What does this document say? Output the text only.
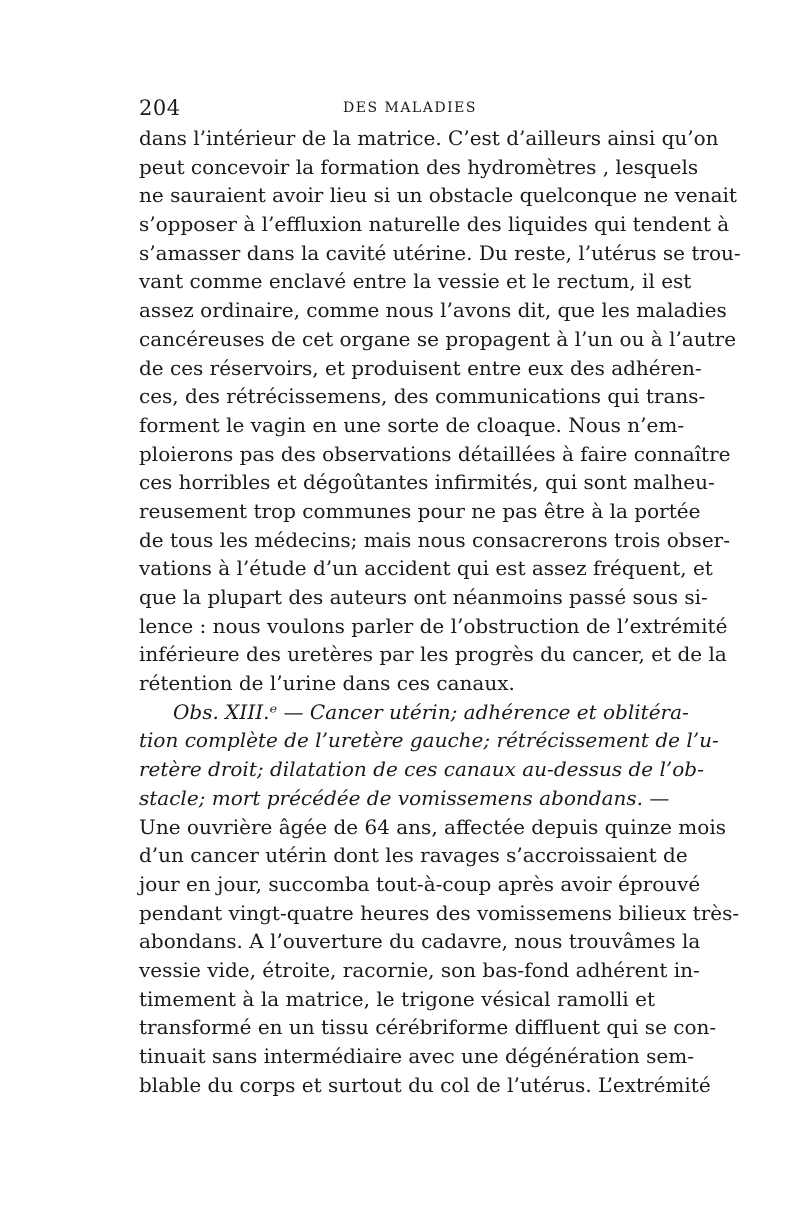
204	DES MALADIES
dans l’intérieur de la matrice. C’est d’ailleurs ainsi qu’on
peut concevoir la formation des hydromètres , lesquels
ne sauraient avoir lieu si un obstacle quelconque ne venait
s’opposer à l’effluxion naturelle des liquides qui tendent à
s’amasser dans la cavité utérine. Du reste, l’utérus se trou-
vant comme enclavé entre la vessie et le rectum, il est
assez ordinaire, comme nous l’avons dit, que les maladies
cancéreuses de cet organe se propagent à l’un ou à l’autre
de ces réservoirs, et produisent entre eux des adhéren-
ces, des rétrécissemens, des communications qui trans-
forment le vagin en une sorte de cloaque. Nous n’em-
ploierons pas des observations détaillées à faire connaître
ces horribles et dégoûtantes infirmités, qui sont malheu-
reusement trop communes pour ne pas être à la portée
de tous les médecins; mais nous consacrerons trois obser-
vations à l’étude d’un accident qui est assez fréquent, et
que la plupart des auteurs ont néanmoins passé sous si-
lence : nous voulons parler de l’obstruction de l’extrémité
inférieure des uretères par les progrès du cancer, et de la
rétention de l’urine dans ces canaux.
Obs. XIII.ᵉ — Cancer utérin; adhérence et oblitéra-
tion complète de l’uretère gauche; rétrécissement de l’u-
retère droit; dilatation de ces canaux au-dessus de l’ob-
stacle; mort précédée de vomissemens abondans. —
Une ouvrière âgée de 64 ans, affectée depuis quinze mois
d’un cancer utérin dont les ravages s’accroissaient de
jour en jour, succomba tout-à-coup après avoir éprouvé
pendant vingt-quatre heures des vomissemens bilieux très-
abondans. A l’ouverture du cadavre, nous trouvâmes la
vessie vide, étroite, racornie, son bas-fond adhérent in-
timement à la matrice, le trigone vésical ramolli et
transformé en un tissu cérébriforme diffluent qui se con-
tinuait sans intermédiaire avec une dégénération sem-
blable du corps et surtout du col de l’utérus. L’extrémité
